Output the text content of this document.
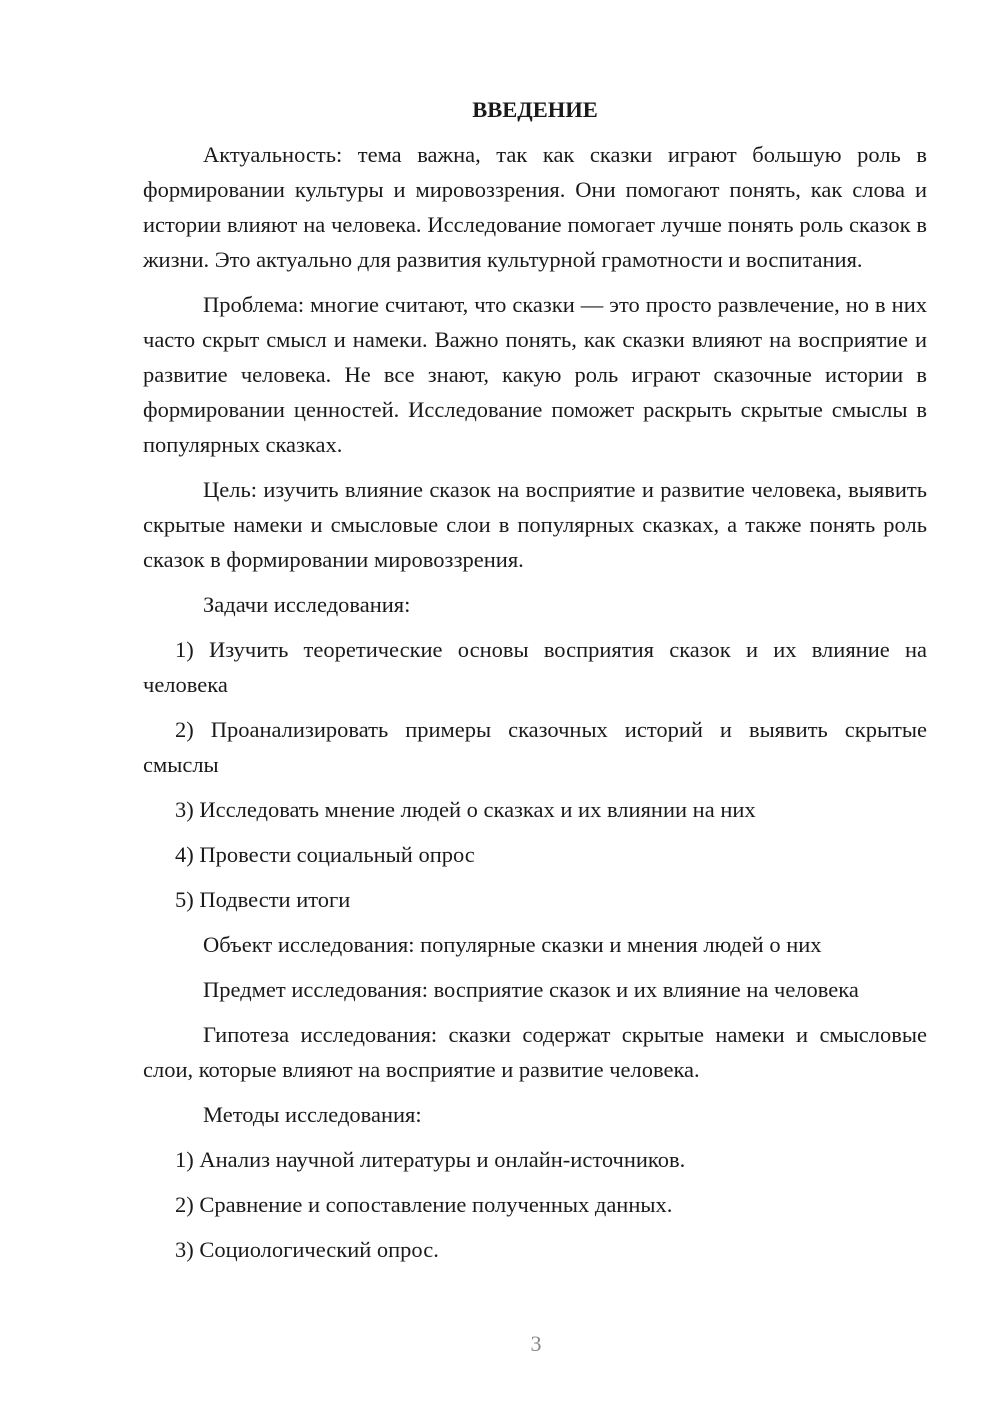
ВВЕДЕНИЕ
Актуальность: тема важна, так как сказки играют большую роль в формировании культуры и мировоззрения. Они помогают понять, как слова и истории влияют на человека. Исследование помогает лучше понять роль сказок в жизни. Это актуально для развития культурной грамотности и воспитания.
Проблема: многие считают, что сказки — это просто развлечение, но в них часто скрыт смысл и намеки. Важно понять, как сказки влияют на восприятие и развитие человека. Не все знают, какую роль играют сказочные истории в формировании ценностей. Исследование поможет раскрыть скрытые смыслы в популярных сказках.
Цель: изучить влияние сказок на восприятие и развитие человека, выявить скрытые намеки и смысловые слои в популярных сказках, а также понять роль сказок в формировании мировоззрения.
Задачи исследования:
1) Изучить теоретические основы восприятия сказок и их влияние на человека
2) Проанализировать примеры сказочных историй и выявить скрытые смыслы
3) Исследовать мнение людей о сказках и их влиянии на них
4) Провести социальный опрос
5) Подвести итоги
Объект исследования: популярные сказки и мнения людей о них
Предмет исследования: восприятие сказок и их влияние на человека
Гипотеза исследования: сказки содержат скрытые намеки и смысловые слои, которые влияют на восприятие и развитие человека.
Методы исследования:
1) Анализ научной литературы и онлайн-источников.
2) Сравнение и сопоставление полученных данных.
3) Социологический опрос.
3
